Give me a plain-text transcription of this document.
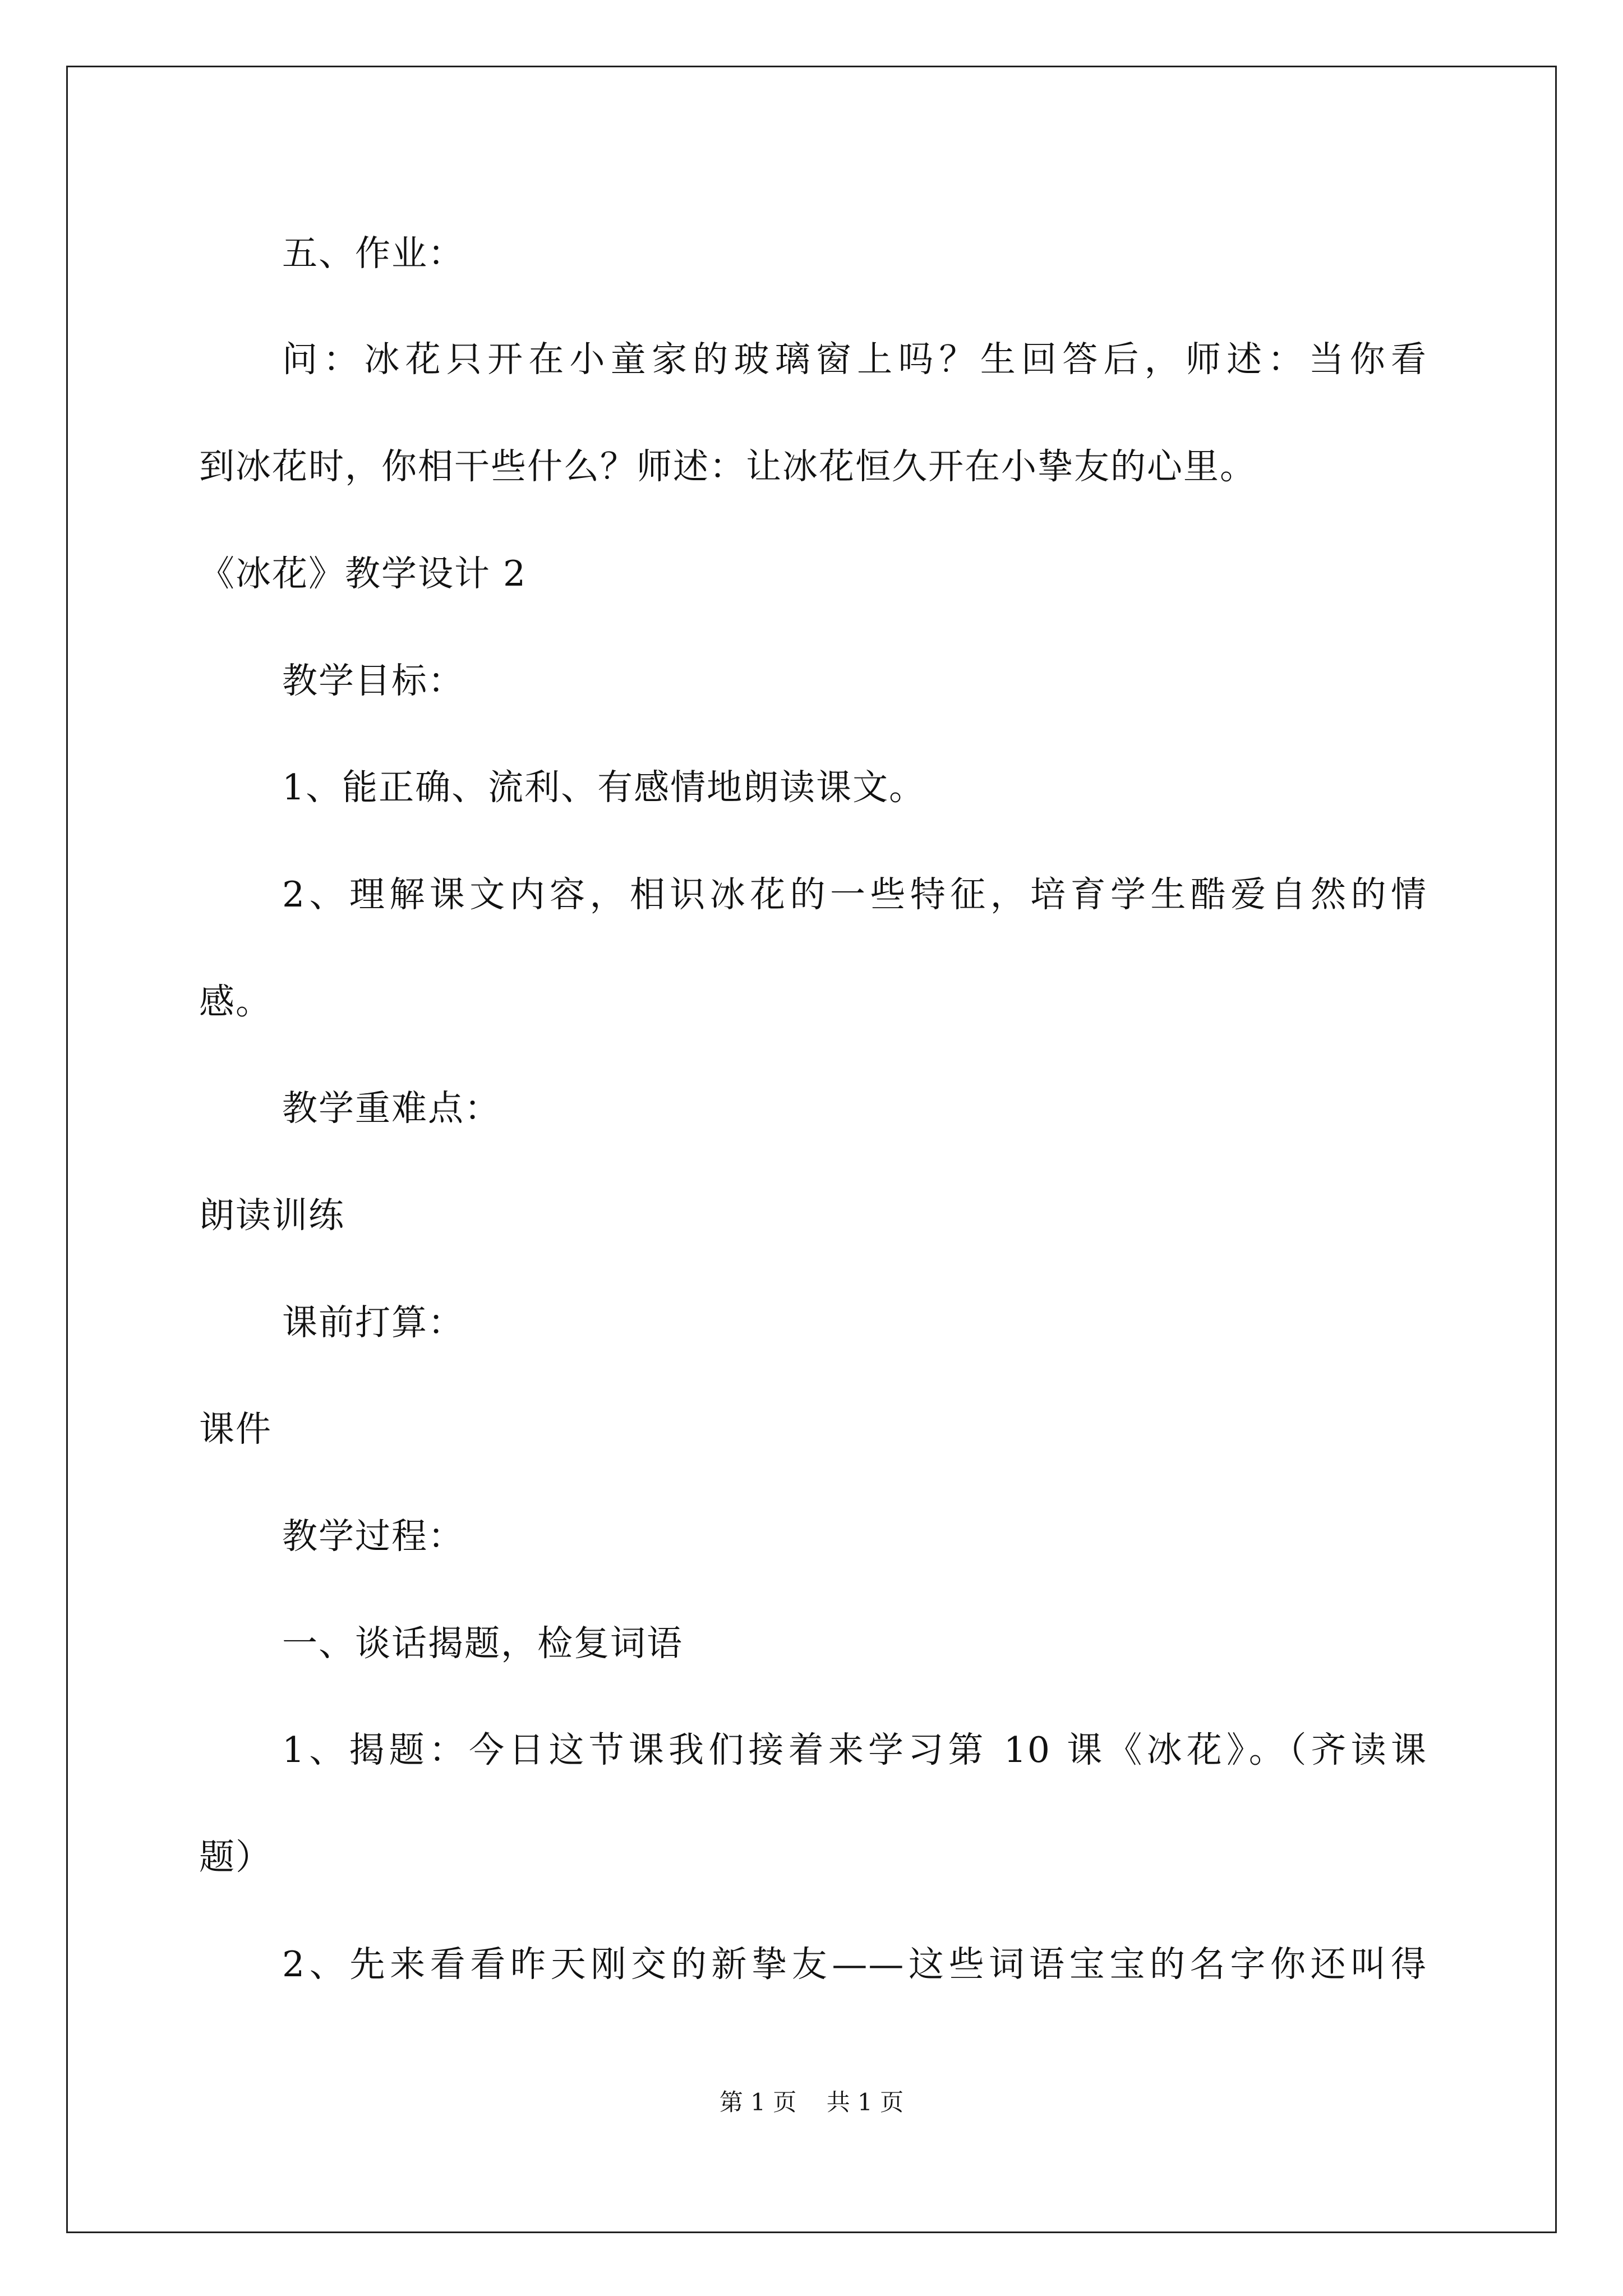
五、作业：
问：冰花只开在小童家的玻璃窗上吗？生回答后，师述：当你看
到冰花时，你相干些什么？师述：让冰花恒久开在小挚友的心里。
《冰花》教学设计 2
教学目标：
1、能正确、流利、有感情地朗读课文。
2、理解课文内容，相识冰花的一些特征，培育学生酷爱自然的情
感。
教学重难点：
朗读训练
课前打算：
课件
教学过程：
一、谈话揭题，检复词语
1、揭题：今日这节课我们接着来学习第 10 课《冰花》。（齐读课
题）
2、先来看看昨天刚交的新挚友——这些词语宝宝的名字你还叫得
第 1 页    共 1 页
